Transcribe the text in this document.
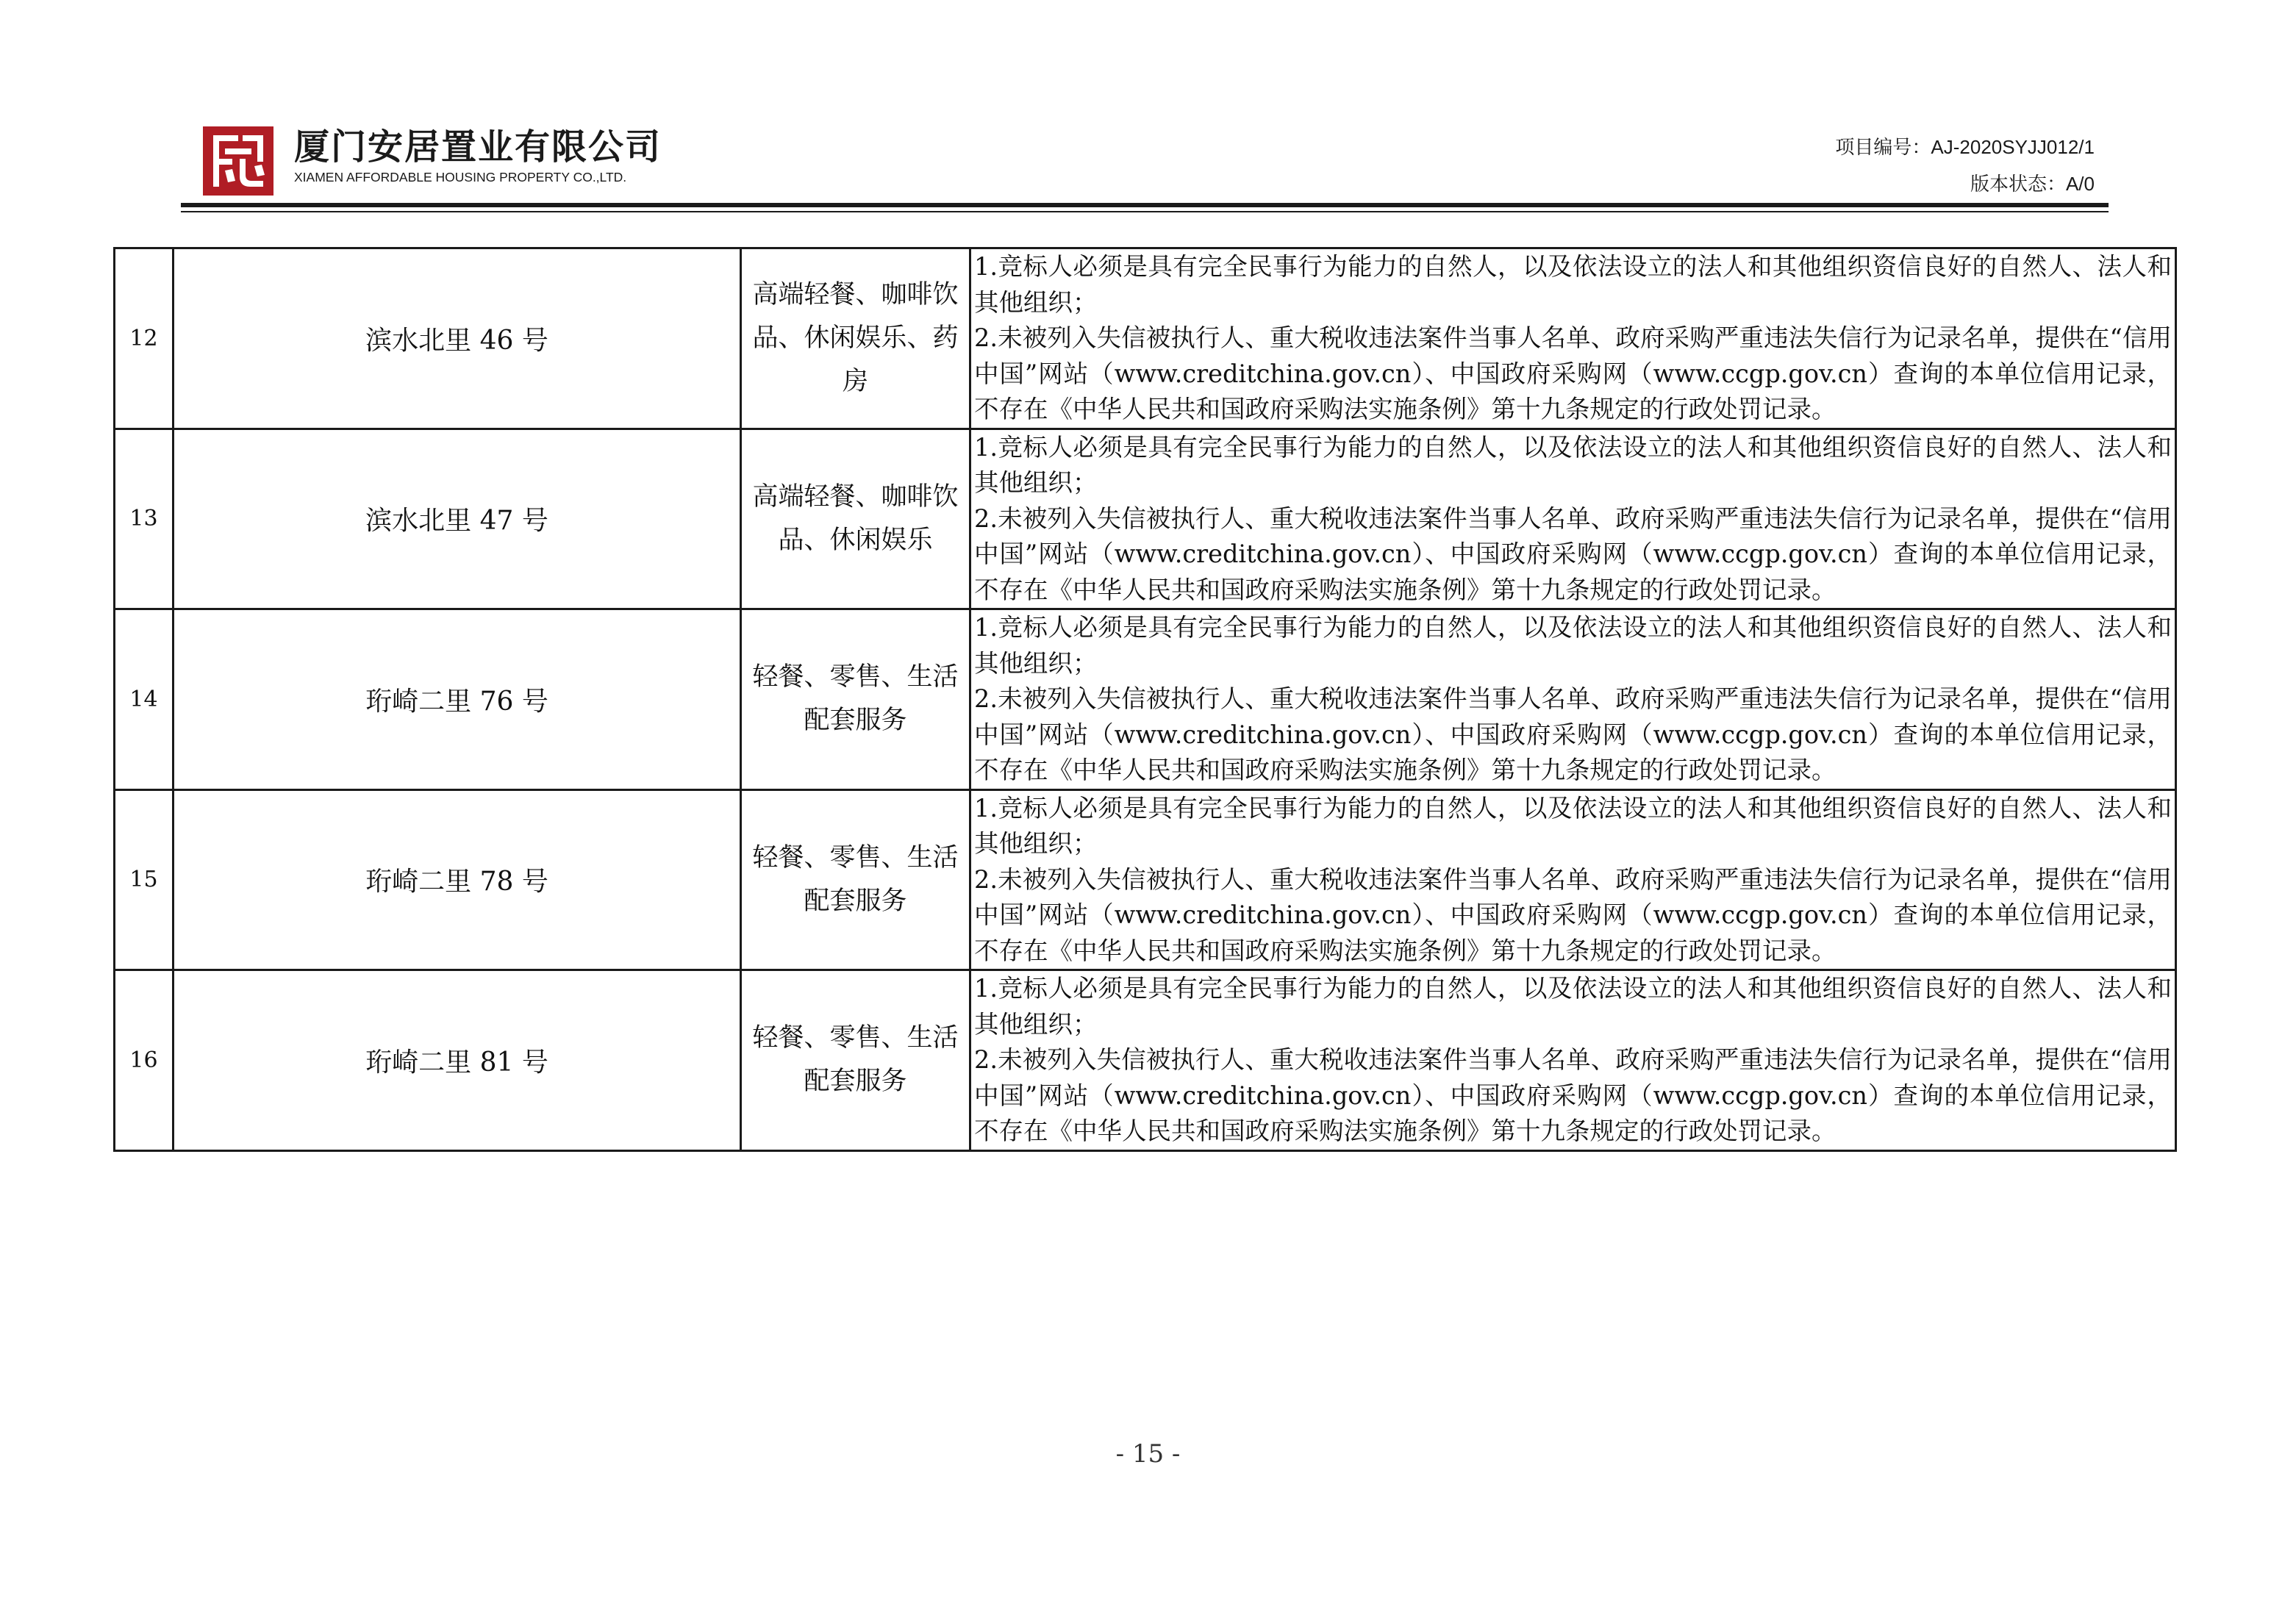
厦门安居置业有限公司
XIAMEN AFFORDABLE HOUSING PROPERTY CO.,LTD.
项目编号：AJ-2020SYJJ012/1
版本状态：A/0
12	滨水北里 46 号	高端轻餐、咖啡饮品、休闲娱乐、药房	1.竞标人必须是具有完全民事行为能力的自然人，以及依法设立的法人和其他组织资信良好的自然人、法人和其他组织；

2.未被列入失信被执行人、重大税收违法案件当事人名单、政府采购严重违法失信行为记录名单，提供在“信用中国”网站（www.creditchina.gov.cn）、中国政府采购网（www.ccgp.gov.cn）查询的本单位信用记录，不存在《中华人民共和国政府采购法实施条例》第十九条规定的行政处罚记录。

13	滨水北里 47 号	高端轻餐、咖啡饮品、休闲娱乐	1.竞标人必须是具有完全民事行为能力的自然人，以及依法设立的法人和其他组织资信良好的自然人、法人和其他组织；

2.未被列入失信被执行人、重大税收违法案件当事人名单、政府采购严重违法失信行为记录名单，提供在“信用中国”网站（www.creditchina.gov.cn）、中国政府采购网（www.ccgp.gov.cn）查询的本单位信用记录，不存在《中华人民共和国政府采购法实施条例》第十九条规定的行政处罚记录。

14	珩崎二里 76 号	轻餐、零售、生活配套服务	1.竞标人必须是具有完全民事行为能力的自然人，以及依法设立的法人和其他组织资信良好的自然人、法人和其他组织；

2.未被列入失信被执行人、重大税收违法案件当事人名单、政府采购严重违法失信行为记录名单，提供在“信用中国”网站（www.creditchina.gov.cn）、中国政府采购网（www.ccgp.gov.cn）查询的本单位信用记录，不存在《中华人民共和国政府采购法实施条例》第十九条规定的行政处罚记录。

15	珩崎二里 78 号	轻餐、零售、生活配套服务	1.竞标人必须是具有完全民事行为能力的自然人，以及依法设立的法人和其他组织资信良好的自然人、法人和其他组织；

2.未被列入失信被执行人、重大税收违法案件当事人名单、政府采购严重违法失信行为记录名单，提供在“信用中国”网站（www.creditchina.gov.cn）、中国政府采购网（www.ccgp.gov.cn）查询的本单位信用记录，不存在《中华人民共和国政府采购法实施条例》第十九条规定的行政处罚记录。

16	珩崎二里 81 号	轻餐、零售、生活配套服务	1.竞标人必须是具有完全民事行为能力的自然人，以及依法设立的法人和其他组织资信良好的自然人、法人和其他组织；

2.未被列入失信被执行人、重大税收违法案件当事人名单、政府采购严重违法失信行为记录名单，提供在“信用中国”网站（www.creditchina.gov.cn）、中国政府采购网（www.ccgp.gov.cn）查询的本单位信用记录，不存在《中华人民共和国政府采购法实施条例》第十九条规定的行政处罚记录。

- 15 -
